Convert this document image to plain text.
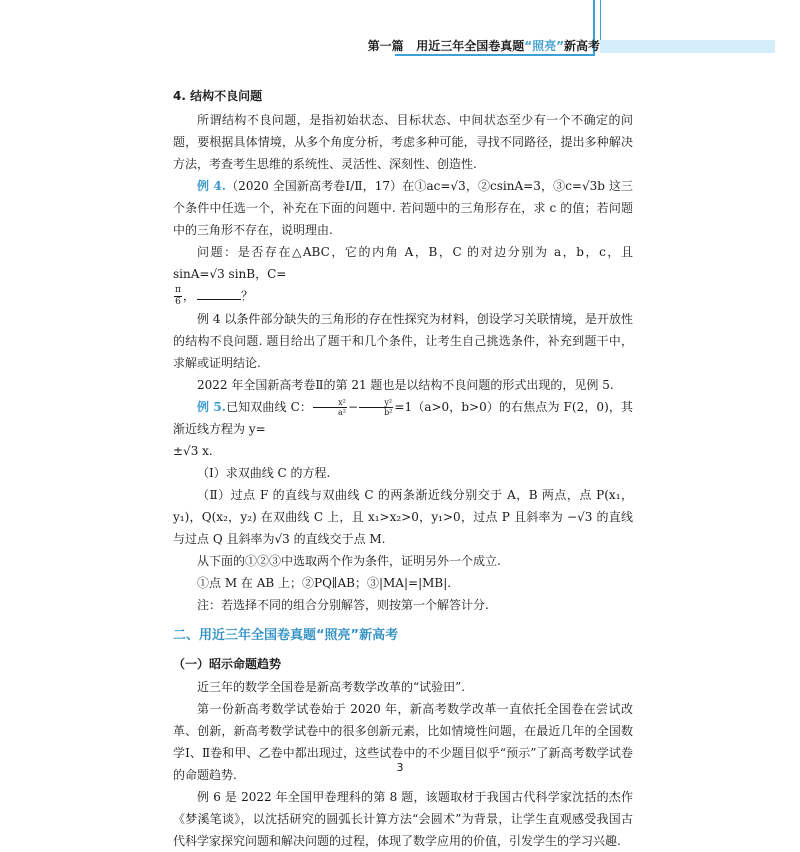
第一篇 用近三年全国卷真题“照亮”新高考

4. 结构不良问题

所谓结构不良问题，是指初始状态、目标状态、中间状态至少有一个不确定的问题，要根据具体情境，从多个角度分析，考虑多种可能，寻找不同路径，提出多种解决方法，考查考生思维的系统性、灵活性、深刻性、创造性.

例 4.（2020 全国新高考卷Ⅰ/Ⅱ，17）在①ac=√3，②csinA=3，③c=√3b 这三个条件中任选一个，补充在下面的问题中. 若问题中的三角形存在，求 c 的值；若问题中的三角形不存在，说明理由.

问题：是否存在△ABC，它的内角 A，B，C 的对边分别为 a，b，c，且 sinA=√3 sinB，C=

$\frac{\pi}{6}$ ，	？

例 4 以条件部分缺失的三角形的存在性探究为材料，创设学习关联情境，是开放性的结构不良问题. 题目给出了题干和几个条件，让考生自己挑选条件，补充到题干中，求解或证明结论.

2022 年全国新高考卷Ⅱ的第 21 题也是以结构不良问题的形式出现的，见例 5.

例 5.已知双曲线 C： $\frac{\text{x²}}{\text{a²}} - \frac{\text{y²}}{\text{b²}} =1(a>0$，b>0）的右焦点为 F(2，0)，其渐近线方程为 y=

±√3 x.

（Ⅰ）求双曲线 C 的方程.

（Ⅱ）过点 F 的直线与双曲线 C 的两条渐近线分别交于 A，B 两点，点 P(x₁，y₁)，Q(x₂，y₂) 在双曲线 C 上，且 x₁>x₂>0，y₁>0，过点 P 且斜率为 −√3 的直线与过点 Q 且斜率为√3 的直线交于点 M.

从下面的①②③中选取两个作为条件，证明另外一个成立.

①点 M 在 AB 上；②PQ∥AB；③|MA|=|MB|.

注：若选择不同的组合分别解答，则按第一个解答计分.

二、用近三年全国卷真题“照亮”新高考

（一）昭示命题趋势

近三年的数学全国卷是新高考数学改革的“试验田”.

第一份新高考数学试卷始于 2020 年，新高考数学改革一直依托全国卷在尝试改革、创新，新高考数学试卷中的很多创新元素，比如情境性问题，在最近几年的全国数学Ⅰ、Ⅱ卷和甲、乙卷中都出现过，这些试卷中的不少题目似乎“预示”了新高考数学试卷的命题趋势.

例 6 是 2022 年全国甲卷理科的第 8 题，该题取材于我国古代科学家沈括的杰作《梦溪笔谈》，以沈括研究的圆弧长计算方法“会圆术”为背景，让学生直观感受我国古代科学家探究问题和解决问题的过程，体现了数学应用的价值，引发学生的学习兴趣.

3
